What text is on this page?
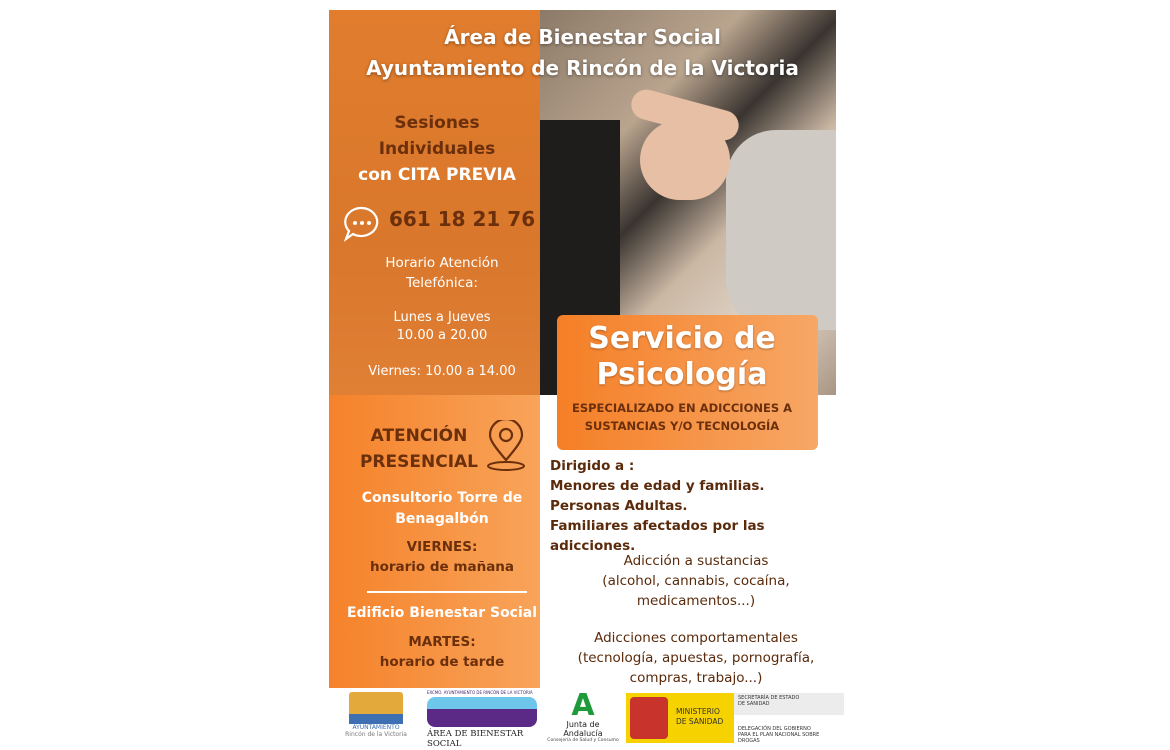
Área de Bienestar Social
Ayuntamiento de Rincón de la Victoria
Sesiones
Individuales
con CITA PREVIA
661 18 21 76
Horario Atención
Telefónica:
Lunes a Jueves
10.00 a 20.00
Viernes: 10.00 a 14.00
ATENCIÓN
PRESENCIAL
Consultorio Torre de
Benagalbón
VIERNES:
horario de mañana
Edificio Bienestar Social
MARTES:
horario de tarde
Servicio de
Psicología
ESPECIALIZADO EN ADICCIONES A
SUSTANCIAS Y/O TECNOLOGÍA
Dirigido a :
Menores de edad y familias.
Personas Adultas.
Familiares afectados por las adicciones.
Adicción a sustancias
(alcohol, cannabis, cocaína,
medicamentos...)
Adicciones comportamentales
(tecnología, apuestas, pornografía,
compras, trabajo...)
AYUNTAMIENTO
Rincón de la Victoria
EXCMO. AYUNTAMIENTO DE RINCÓN DE LA VICTORIA
ÁREA DE BIENESTAR SOCIAL
A
Junta de Andalucía
Consejería de Salud y Consumo
MINISTERIO
DE SANIDAD
SECRETARÍA DE ESTADO
DE SANIDAD
DELEGACIÓN DEL GOBIERNO
PARA EL PLAN NACIONAL SOBRE DROGAS
